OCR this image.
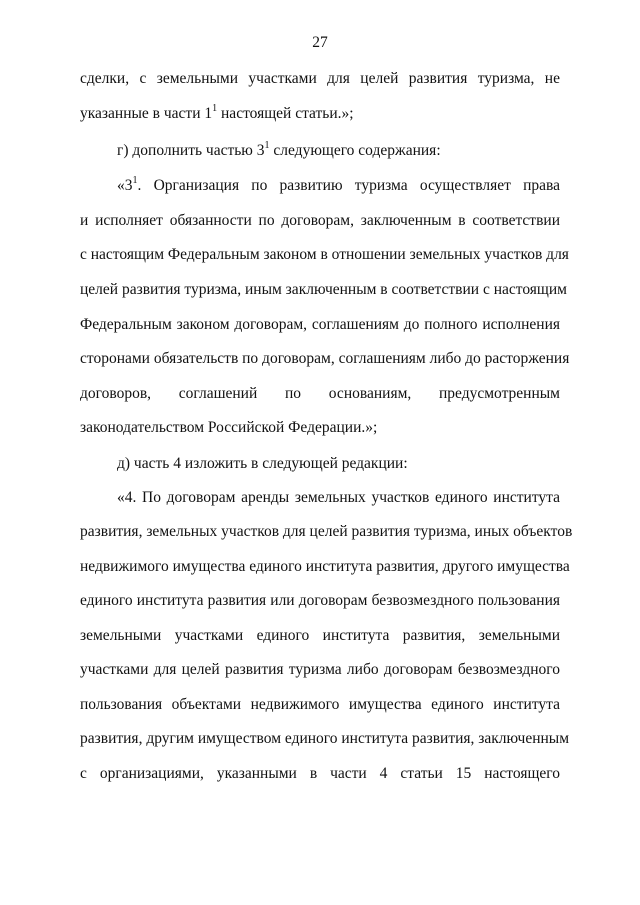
27
сделки, с земельными участками для целей развития туризма, не
указанные в части $1^1$ настоящей статьи.»;
г) дополнить частью $3^1$ следующего содержания:
«$3^1$. Организация по развитию туризма осуществляет права
и исполняет обязанности по договорам, заключенным в соответствии
с настоящим Федеральным законом в отношении земельных участков для
целей развития туризма, иным заключенным в соответствии с настоящим
Федеральным законом договорам, соглашениям до полного исполнения
сторонами обязательств по договорам, соглашениям либо до расторжения
договоров, соглашений по основаниям, предусмотренным
законодательством Российской Федерации.»;
д) часть 4 изложить в следующей редакции:
«4. По договорам аренды земельных участков единого института
развития, земельных участков для целей развития туризма, иных объектов
недвижимого имущества единого института развития, другого имущества
единого института развития или договорам безвозмездного пользования
земельными участками единого института развития, земельными
участками для целей развития туризма либо договорам безвозмездного
пользования объектами недвижимого имущества единого института
развития, другим имуществом единого института развития, заключенным
с организациями, указанными в части 4 статьи 15 настоящего
